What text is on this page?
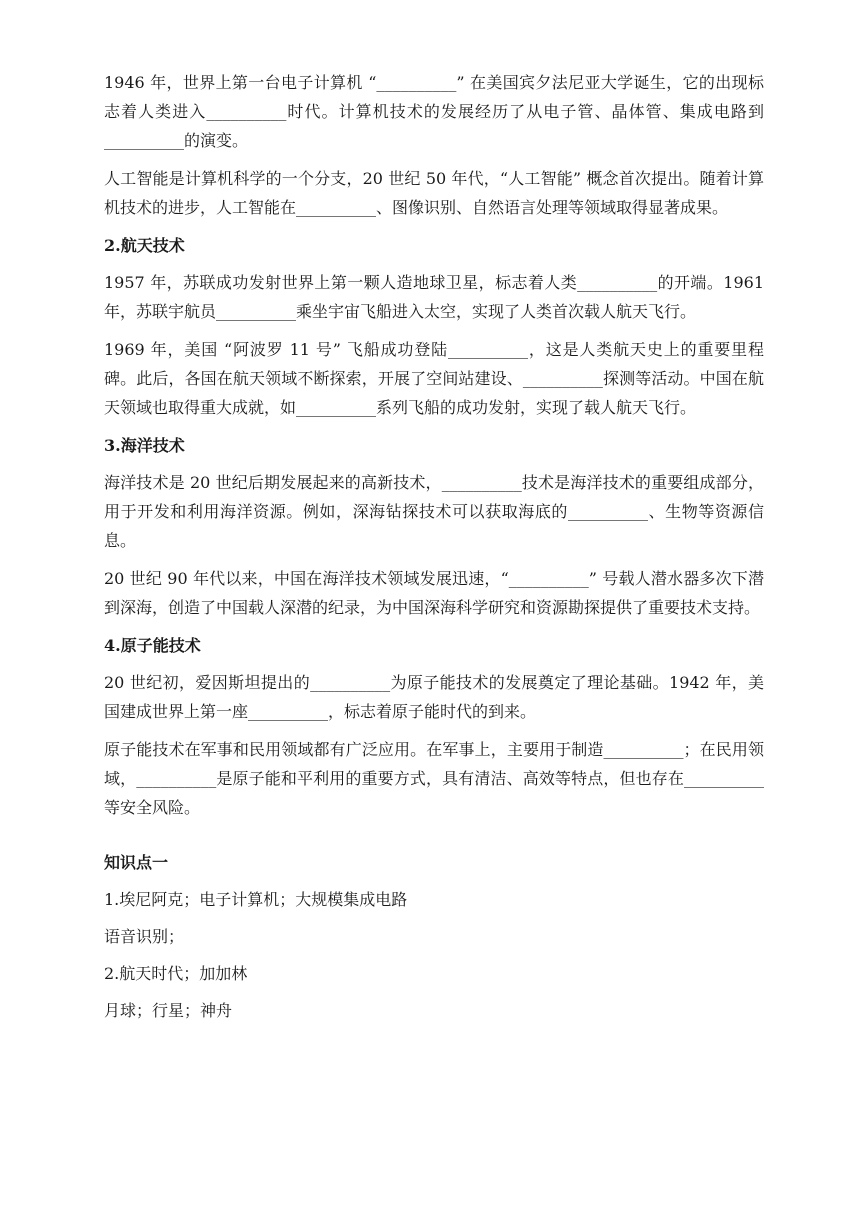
1946 年，世界上第一台电子计算机 “__________” 在美国宾夕法尼亚大学诞生，它的出现标志着人类进入__________时代。计算机技术的发展经历了从电子管、晶体管、集成电路到__________的演变。

人工智能是计算机科学的一个分支，20 世纪 50 年代，“人工智能” 概念首次提出。随着计算机技术的进步，人工智能在__________、图像识别、自然语言处理等领域取得显著成果。

2.航天技术

1957 年，苏联成功发射世界上第一颗人造地球卫星，标志着人类__________的开端。1961 年，苏联宇航员__________乘坐宇宙飞船进入太空，实现了人类首次载人航天飞行。

1969 年，美国 “阿波罗 11 号” 飞船成功登陆__________，这是人类航天史上的重要里程碑。此后，各国在航天领域不断探索，开展了空间站建设、__________探测等活动。中国在航天领域也取得重大成就，如__________系列飞船的成功发射，实现了载人航天飞行。

3.海洋技术

海洋技术是 20 世纪后期发展起来的高新技术，__________技术是海洋技术的重要组成部分，用于开发和利用海洋资源。例如，深海钻探技术可以获取海底的__________、生物等资源信息。

20 世纪 90 年代以来，中国在海洋技术领域发展迅速，“__________” 号载人潜水器多次下潜到深海，创造了中国载人深潜的纪录，为中国深海科学研究和资源勘探提供了重要技术支持。

4.原子能技术

20 世纪初，爱因斯坦提出的__________为原子能技术的发展奠定了理论基础。1942 年，美国建成世界上第一座__________，标志着原子能时代的到来。

原子能技术在军事和民用领域都有广泛应用。在军事上，主要用于制造__________；在民用领域，__________是原子能和平利用的重要方式，具有清洁、高效等特点，但也存在__________等安全风险。

知识点一

1.埃尼阿克；电子计算机；大规模集成电路

语音识别；

2.航天时代；加加林

月球；行星；神舟
